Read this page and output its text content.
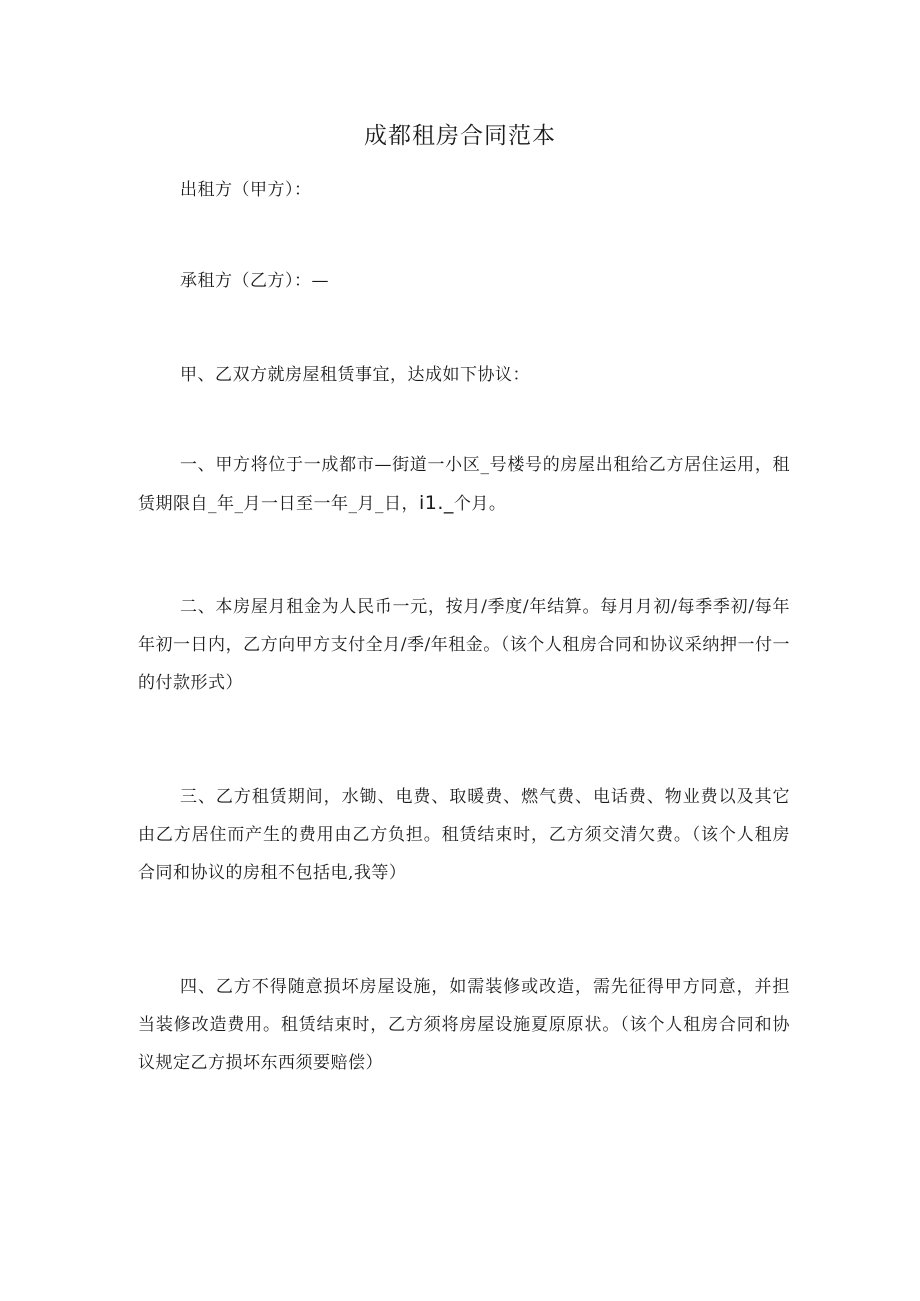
成都租房合同范本
出租方（甲方）：
承租方（乙方）：—
甲、乙双方就房屋租赁事宜，达成如下协议：
一、甲方将位于一成都市—街道一小区_号楼号的房屋出租给乙方居住运用，租赁期限自_年_月一日至一年_月_日，i1._个月。
二、本房屋月租金为人民币一元，按月/季度/年结算。每月月初/每季季初/每年年初一日内，乙方向甲方支付全月/季/年租金。（该个人租房合同和协议采纳押一付一的付款形式）
三、乙方租赁期间，水锄、电费、取暖费、燃气费、电话费、物业费以及其它由乙方居住而产生的费用由乙方负担。租赁结束时，乙方须交清欠费。（该个人租房合同和协议的房租不包括电,我等）
四、乙方不得随意损坏房屋设施，如需装修或改造，需先征得甲方同意，并担当装修改造费用。租赁结束时，乙方须将房屋设施夏原原状。（该个人租房合同和协议规定乙方损坏东西须要赔偿）
